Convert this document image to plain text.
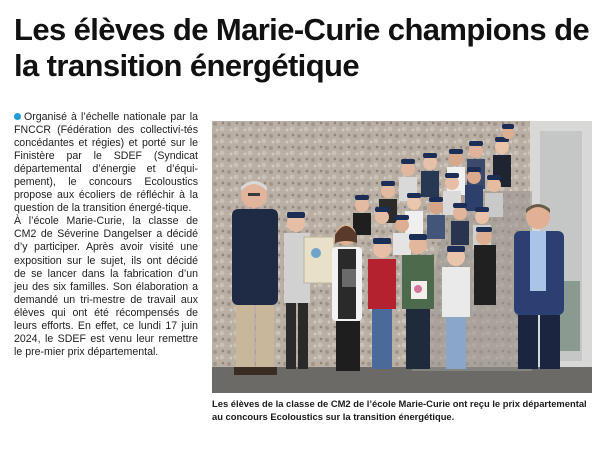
Les élèves de Marie-Curie champions de la transition énergétique

Organisé à l’échelle nationale par la FNCCR (Fédération des collectivi-tés concédantes et régies) et porté sur le Finistère par le SDEF (Syndicat départemental d’énergie et d’équi-pement), le concours Ecoloustics propose aux écoliers de réfléchir à la question de la transition énergé-tique.

À l’école Marie-Curie, la classe de CM2 de Séverine Dangelser a décidé d’y participer. Après avoir visité une exposition sur le sujet, ils ont décidé de se lancer dans la fabrication d’un jeu des six familles. Son élaboration a demandé un tri-mestre de travail aux élèves qui ont été récompensés de leurs efforts. En effet, ce lundi 17 juin 2024, le SDEF est venu leur remettre le pre-mier prix départemental.

Les élèves de la classe de CM2 de l’école Marie-Curie ont reçu le prix départemental au concours Ecoloustics sur la transition énergétique.
